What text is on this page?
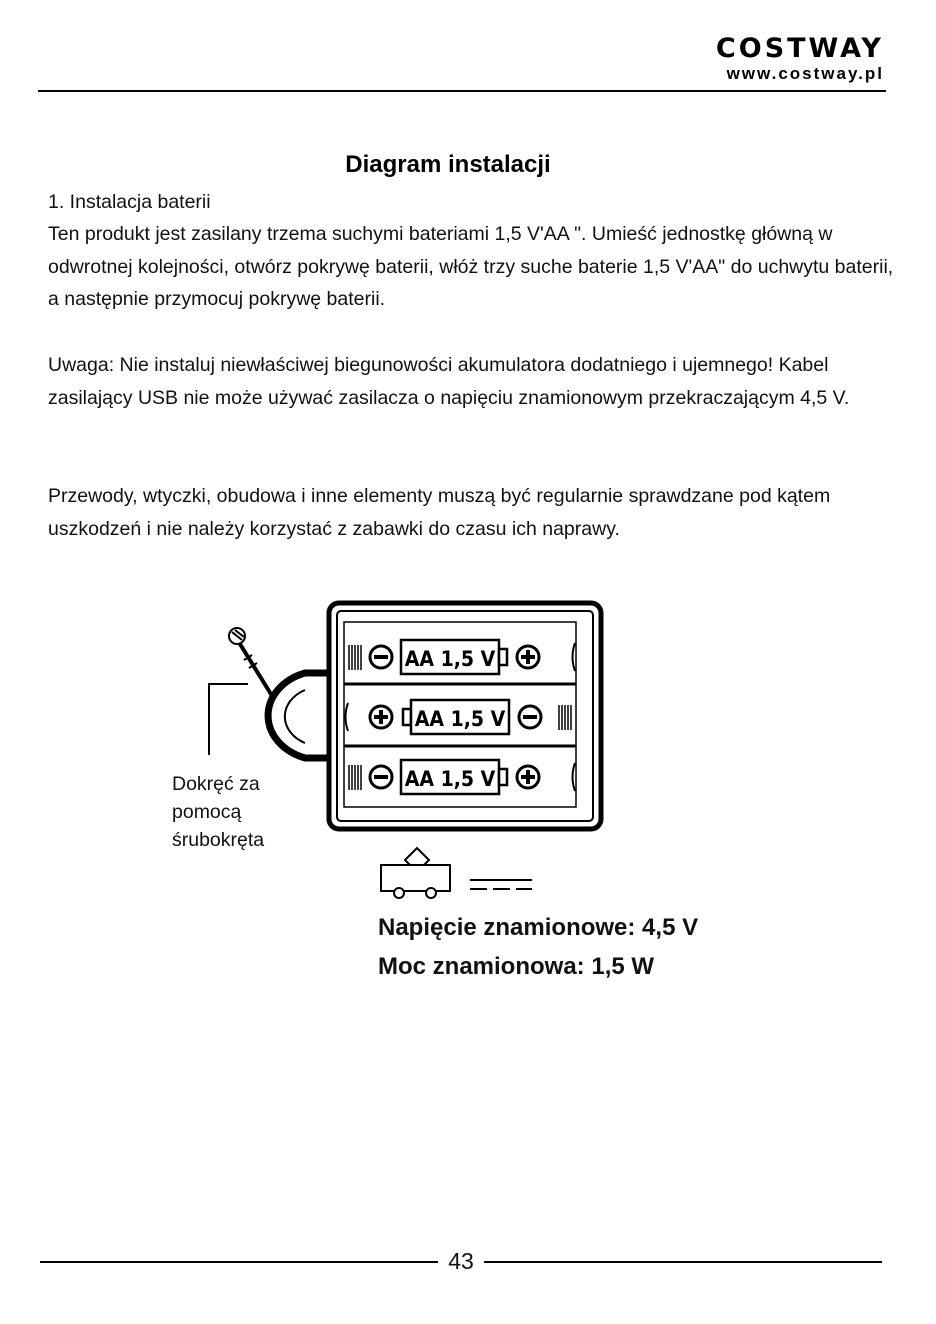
COSTWAY
www.costway.pl
Diagram instalacji

1. Instalacja baterii

Ten produkt jest zasilany trzema suchymi bateriami 1,5 V'AA ". Umieść jednostkę główną w odwrotnej kolejności, otwórz pokrywę baterii, włóż trzy suche baterie 1,5 V'AA" do uchwytu baterii, a następnie przymocuj pokrywę baterii.

Uwaga: Nie instaluj niewłaściwej biegunowości akumulatora dodatniego i ujemnego! Kabel zasilający USB nie może używać zasilacza o napięciu znamionowym przekraczającym 4,5 V.

Przewody, wtyczki, obudowa i inne elementy muszą być regularnie sprawdzane pod kątem uszkodzeń i nie należy korzystać z zabawki do czasu ich naprawy.

AA 1,5 V
AA 1,5 V
AA 1,5 V
Dokręć za
pomocą
śrubokręta
Napięcie znamionowe: 4,5 V
Moc znamionowa: 1,5 W
43
